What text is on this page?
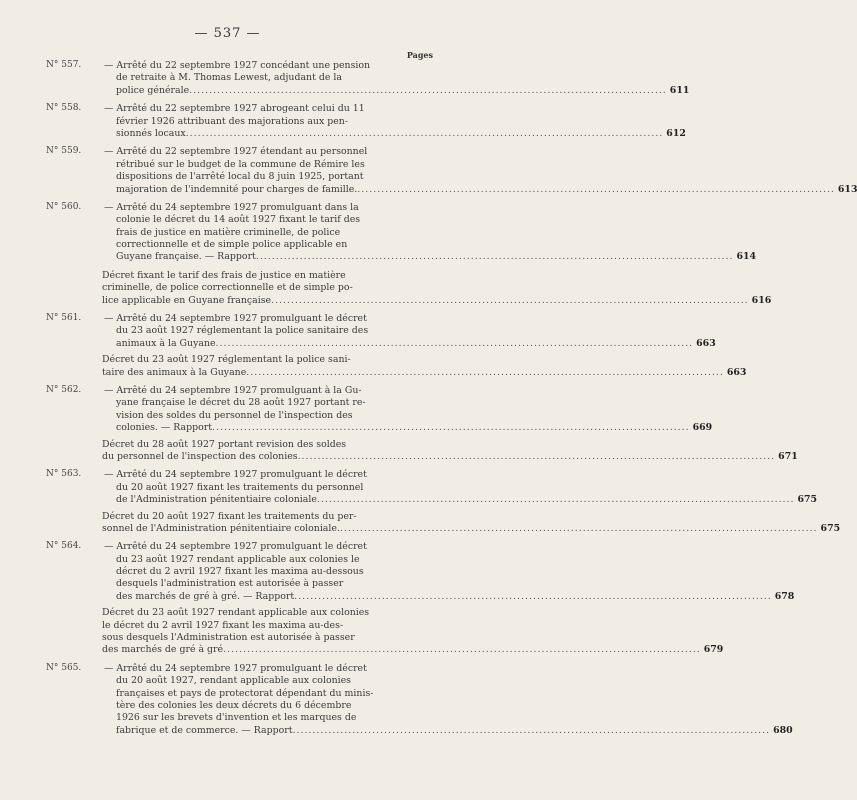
— 537 —
Pages
N° 557. — Arrêté du 22 septembre 1927 concédant une pension
de retraite à M. Thomas Lewest, adjudant de la
police générale ........................................................................................................................ 611
N° 558. — Arrêté du 22 septembre 1927 abrogeant celui du 11
février 1926 attribuant des majorations aux pen-
sionnés locaux ........................................................................................................................ 612
N° 559. — Arrêté du 22 septembre 1927 étendant au personnel
rétribué sur le budget de la commune de Rémire les
dispositions de l'arrêté local du 8 juin 1925, portant
majoration de l'indemnité pour charges de famille. ........................................................................................................................ 613
N° 560. — Arrêté du 24 septembre 1927 promulguant dans la
colonie le décret du 14 août 1927 fixant le tarif des
frais de justice en matière criminelle, de police
correctionnelle et de simple police applicable en
Guyane française. — Rapport ........................................................................................................................ 614
Décret fixant le tarif des frais de justice en matière
criminelle, de police correctionnelle et de simple po-
lice applicable en Guyane française ........................................................................................................................ 616
N° 561. — Arrêté du 24 septembre 1927 promulguant le décret
du 23 août 1927 réglementant la police sanitaire des
animaux à la Guyane ........................................................................................................................ 663
Décret du 23 août 1927 réglementant la police sani-
taire des animaux à la Guyane ........................................................................................................................ 663
N° 562. — Arrêté du 24 septembre 1927 promulguant à la Gu-
yane française le décret du 28 août 1927 portant re-
vision des soldes du personnel de l'inspection des
colonies. — Rapport ........................................................................................................................ 669
Décret du 28 août 1927 portant revision des soldes
du personnel de l'inspection des colonies ........................................................................................................................ 671
N° 563. — Arrêté du 24 septembre 1927 promulguant le décret
du 20 août 1927 fixant les traitements du personnel
de l'Administration pénitentiaire coloniale ........................................................................................................................ 675
Décret du 20 août 1927 fixant les traitements du per-
sonnel de l'Administration pénitentiaire coloniale. ........................................................................................................................ 675
N° 564. — Arrêté du 24 septembre 1927 promulguant le décret
du 23 août 1927 rendant applicable aux colonies le
décret du 2 avril 1927 fixant les maxima au-dessous
desquels l'administration est autorisée à passer
des marchés de gré à gré. — Rapport ........................................................................................................................ 678
Décret du 23 août 1927 rendant applicable aux colonies
le décret du 2 avril 1927 fixant les maxima au-des-
sous desquels l'Administration est autorisée à passer
des marchés de gré à gré ........................................................................................................................ 679
N° 565. — Arrêté du 24 septembre 1927 promulguant le décret
du 20 août 1927, rendant applicable aux colonies
françaises et pays de protectorat dépendant du minis-
tère des colonies les deux décrets du 6 décembre
1926 sur les brevets d'invention et les marques de
fabrique et de commerce. — Rapport ........................................................................................................................ 680
